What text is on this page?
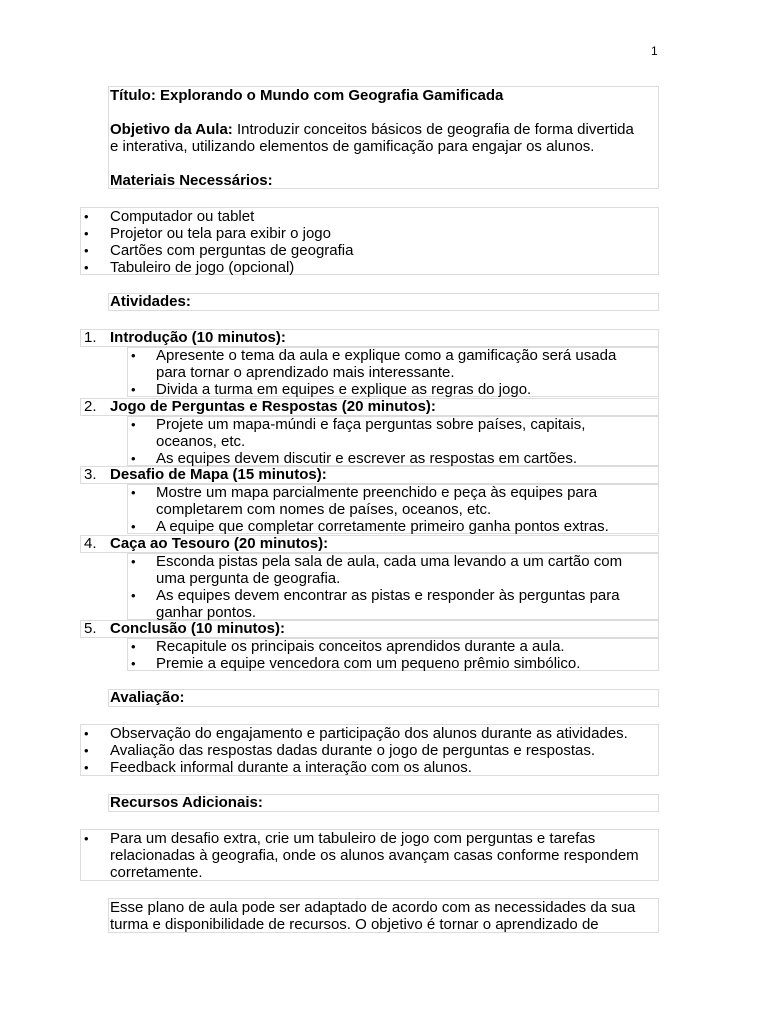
1
Título: Explorando o Mundo com Geografia Gamificada
Objetivo da Aula: Introduzir conceitos básicos de geografia de forma divertida
e interativa, utilizando elementos de gamificação para engajar os alunos.
Materiais Necessários:
• Computador ou tablet
• Projetor ou tela para exibir o jogo
• Cartões com perguntas de geografia
• Tabuleiro de jogo (opcional)
Atividades:
1. Introdução (10 minutos):
• Apresente o tema da aula e explique como a gamificação será usada
para tornar o aprendizado mais interessante.
• Divida a turma em equipes e explique as regras do jogo.
2. Jogo de Perguntas e Respostas (20 minutos):
• Projete um mapa-múndi e faça perguntas sobre países, capitais,
oceanos, etc.
• As equipes devem discutir e escrever as respostas em cartões.
3. Desafio de Mapa (15 minutos):
• Mostre um mapa parcialmente preenchido e peça às equipes para
completarem com nomes de países, oceanos, etc.
• A equipe que completar corretamente primeiro ganha pontos extras.
4. Caça ao Tesouro (20 minutos):
• Esconda pistas pela sala de aula, cada uma levando a um cartão com
uma pergunta de geografia.
• As equipes devem encontrar as pistas e responder às perguntas para
ganhar pontos.
5. Conclusão (10 minutos):
• Recapitule os principais conceitos aprendidos durante a aula.
• Premie a equipe vencedora com um pequeno prêmio simbólico.
Avaliação:
• Observação do engajamento e participação dos alunos durante as atividades.
• Avaliação das respostas dadas durante o jogo de perguntas e respostas.
• Feedback informal durante a interação com os alunos.
Recursos Adicionais:
• Para um desafio extra, crie um tabuleiro de jogo com perguntas e tarefas
relacionadas à geografia, onde os alunos avançam casas conforme respondem
corretamente.
Esse plano de aula pode ser adaptado de acordo com as necessidades da sua
turma e disponibilidade de recursos. O objetivo é tornar o aprendizado de
